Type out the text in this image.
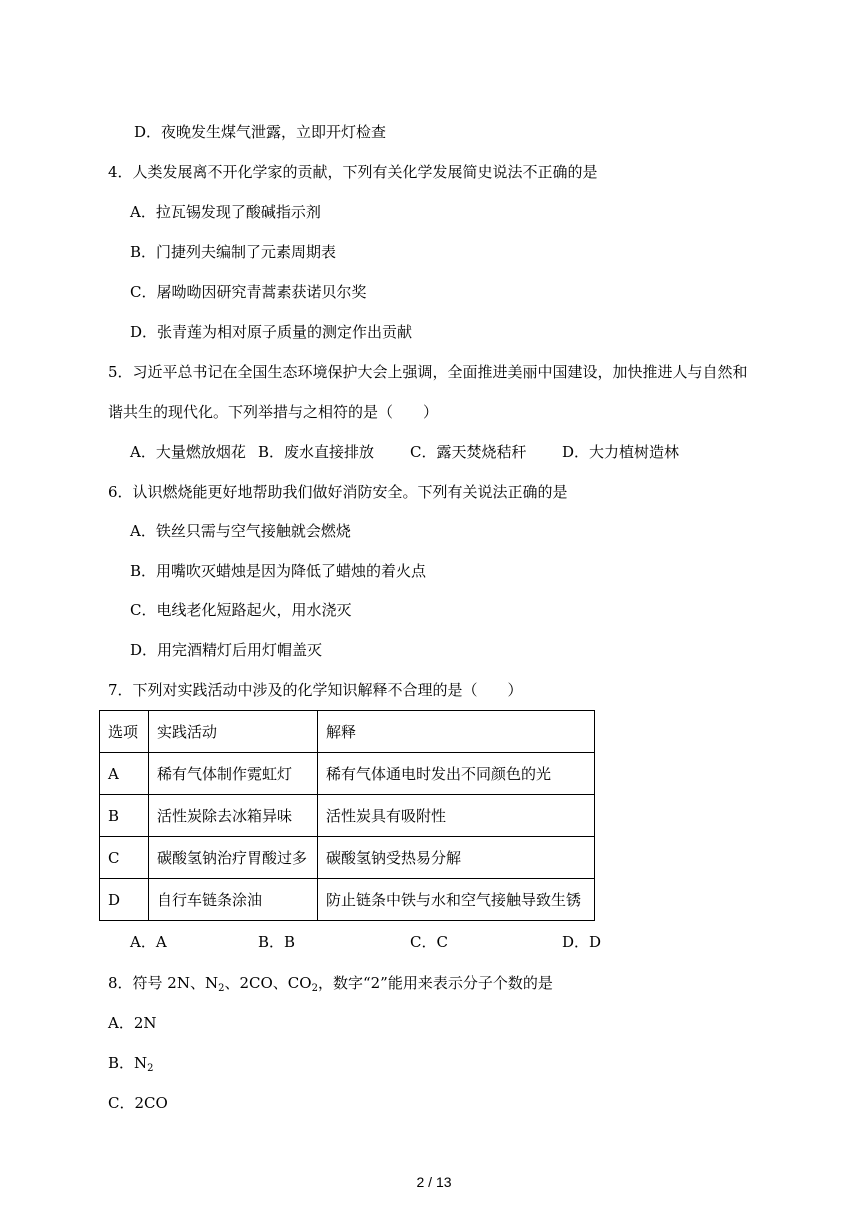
D．夜晚发生煤气泄露，立即开灯检查
4．人类发展离不开化学家的贡献，下列有关化学发展简史说法不正确的是
A．拉瓦锡发现了酸碱指示剂
B．门捷列夫编制了元素周期表
C．屠呦呦因研究青蒿素获诺贝尔奖
D．张青莲为相对原子质量的测定作出贡献
5．习近平总书记在全国生态环境保护大会上强调，全面推进美丽中国建设，加快推进人与自然和
谐共生的现代化。下列举措与之相符的是（　　）
A．大量燃放烟花 B．废水直接排放 C．露天焚烧秸秆 D．大力植树造林
6．认识燃烧能更好地帮助我们做好消防安全。下列有关说法正确的是
A．铁丝只需与空气接触就会燃烧
B．用嘴吹灭蜡烛是因为降低了蜡烛的着火点
C．电线老化短路起火，用水浇灭
D．用完酒精灯后用灯帽盖灭
7．下列对实践活动中涉及的化学知识解释不合理的是（　　）
选项	实践活动	解释
A	稀有气体制作霓虹灯	稀有气体通电时发出不同颜色的光
B	活性炭除去冰箱异味	活性炭具有吸附性
C	碳酸氢钠治疗胃酸过多	碳酸氢钠受热易分解
D	自行车链条涂油	防止链条中铁与水和空气接触导致生锈
A．A	B．B	C．C	D．D
8．符号 2N、$N_2$、2CO、$CO_2$，数字“2”能用来表示分子个数的是
A．2N
B．$N_2$
C．2CO
2 / 13
